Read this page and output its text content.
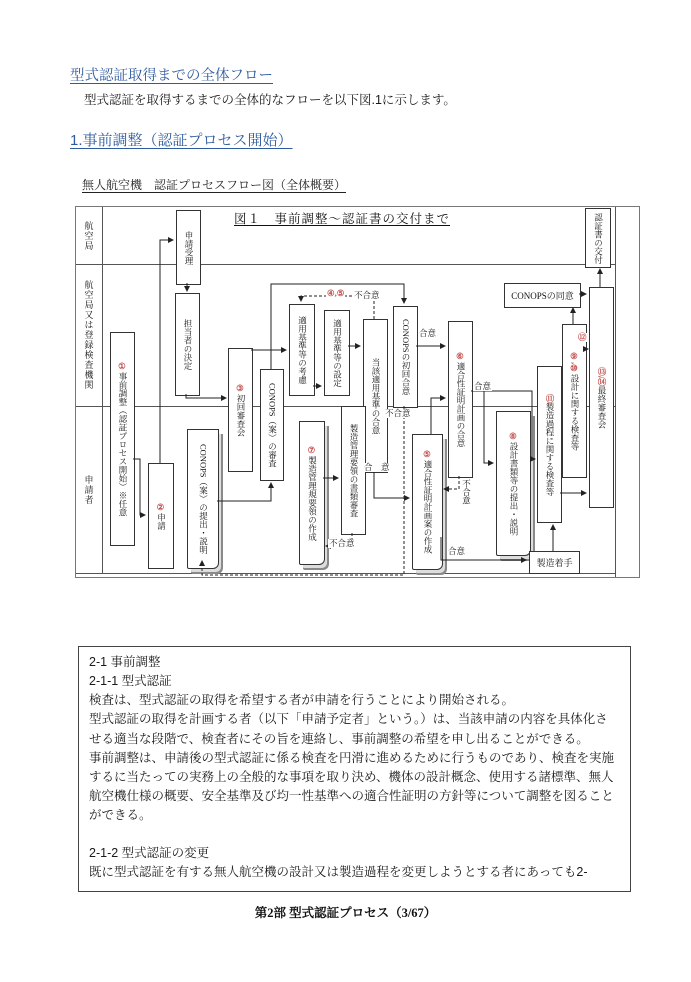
型式認証取得までの全体フロー
型式認証を取得するまでの全体的なフローを以下図.1に示します。
1.事前調整（認証プロセス開始）
無人航空機　認証プロセスフロー図（全体概要）
図１　事前調整～認証書の交付まで
航空局
航空局又は登録検査機関
申請者
申請受理	認証書の交付
担当者の決定
①事前調整（認証プロセス開始）※任意	②申請
③初回審査会	CONOPS（案）の審査
CONOPS（案）の提出・説明
適用基準等の考慮	適用基準等の設定
当該適用基準の合意
製造管理要領の書類審査
⑦製造管理規要領の作成
CONOPSの初回合意	⑥適合性証明計画の合意
⑤適合性証明計画案の作成
CONOPSの同意
⑧設計書類等の提出・説明
⑪製造過程に関する検査等
⑨,⑩設計に関する検査等 ⑬,⑭最終審査会
製造着手
④,⑤ 不合意
合意
不合意
合　意
合意
不合意
不合意
合意
⑫
2-1 事前調整
2-1-1 型式認証
検査は、型式認証の取得を希望する者が申請を行うことにより開始される。
型式認証の取得を計画する者（以下「申請予定者」という。）は、当該申請の内容を具体化させる適当な段階で、検査者にその旨を連絡し、事前調整の希望を申し出ることができる。
事前調整は、申請後の型式認証に係る検査を円滑に進めるために行うものであり、検査を実施するに当たっての実務上の全般的な事項を取り決め、機体の設計概念、使用する諸標準、無人航空機仕様の概要、安全基準及び均一性基準への適合性証明の方針等について調整を図ることができる。
2-1-2 型式認証の変更
既に型式認証を有する無人航空機の設計又は製造過程を変更しようとする者にあっても2-
第2部 型式認証プロセス（3/67）
